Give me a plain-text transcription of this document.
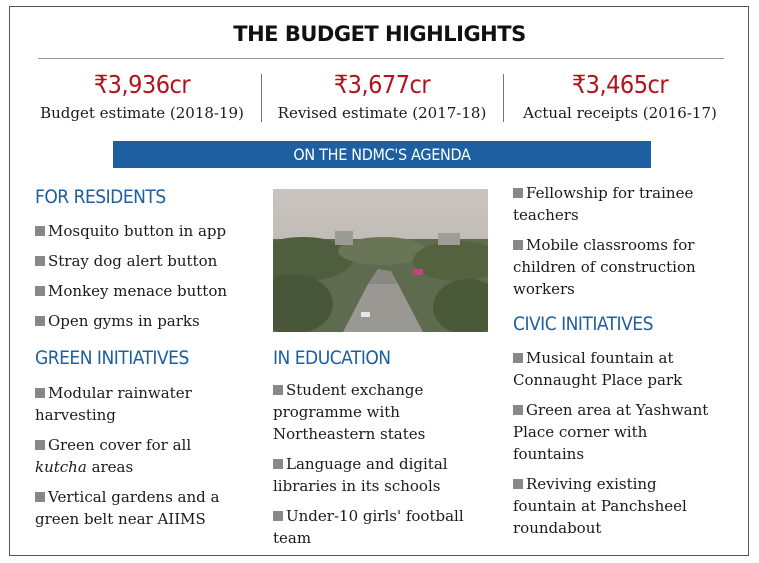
THE BUDGET HIGHLIGHTS
₹3,936cr
Budget estimate (2018-19)
₹3,677cr
Revised estimate (2017-18)
₹3,465cr
Actual receipts (2016-17)
ON THE NDMC'S AGENDA
FOR RESIDENTS
Mosquito button in app
Stray dog alert button
Monkey menace button
Open gyms in parks
GREEN INITIATIVES
Modular rainwater harvesting
Green cover for all kutcha areas
Vertical gardens and a green belt near AIIMS
IN EDUCATION
Student exchange programme with Northeastern states
Language and digital libraries in its schools
Under-10 girls' football team
Fellowship for trainee teachers
Mobile classrooms for children of construction workers
CIVIC INITIATIVES
Musical fountain at Connaught Place park
Green area at Yashwant Place corner with fountains
Reviving existing fountain at Panchsheel roundabout
